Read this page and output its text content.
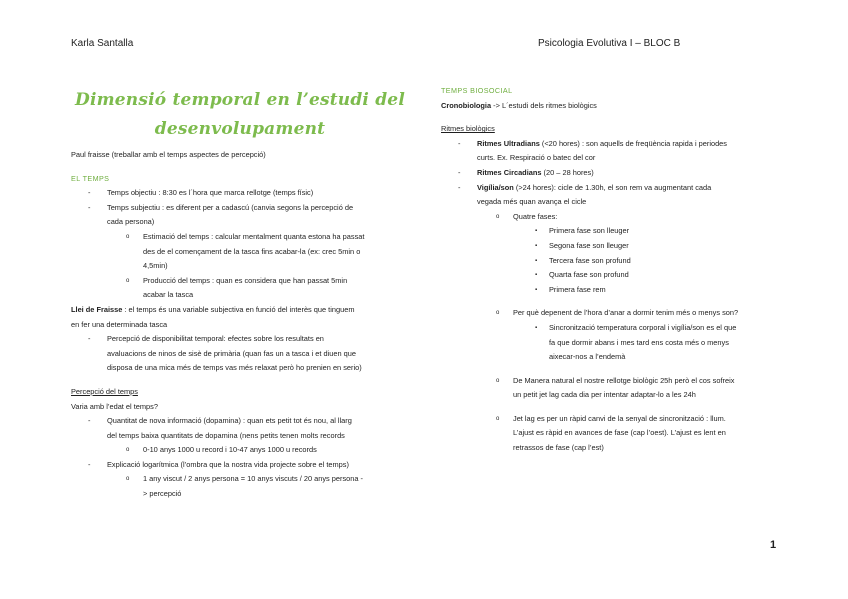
Karla Santalla	Psicologia Evolutiva I – BLOC B
Dimensió temporal en l’estudi del
desenvolupament

Paul fraisse (treballar amb el temps aspectes de percepció)

EL TEMPS

- Temps objectiu : 8:30 es l´hora que marca rellotge (temps físic)
- Temps subjectiu : es diferent per a cadascú (canvia segons la percepció de
cada persona)
o Estimació del temps : calcular mentalment quanta estona ha passat
des de el començament de la tasca fins acabar-la (ex: crec 5min o
4,5min)
o Producció del temps : quan es considera que han passat 5min
acabar la tasca
Llei de Fraisse : el temps és una variable subjectiva en funció del interès que tinguem
en fer una determinada tasca
- Percepció de disponibilitat temporal: efectes sobre los resultats en
avaluacions de ninos de sisè de primària (quan fas un a tasca i et diuen que
disposa de una mica més de temps vas més relaxat però ho prenien en serio)

Percepció del temps

Varia amb l’edat el temps?

- Quantitat de nova informació (dopamina) : quan ets petit tot és nou, al llarg
del temps baixa quantitats de dopamina (nens petits tenen molts records
o 0-10 anys 1000 u record i 10-47 anys 1000 u records
- Explicació logarítmica (l’ombra que la nostra vida projecte sobre el temps)
o 1 any viscut / 2 anys persona = 10 anys viscuts / 20 anys persona -
> percepció

TEMPS BIOSOCIAL

Cronobiologia -> L´estudi dels ritmes biològics

Ritmes biològics

- Ritmes Ultradians (<20 hores) : son aquells de freqüència rapida i periodes
curts. Ex. Respiració o batec del cor
- Ritmes Circadians (20 – 28 hores)
- Vigília/son (>24 hores): cicle de 1.30h, el son rem va augmentant cada
vegada més quan avança el cicle
o Quatre fases:
▪ Primera fase son lleuger
▪ Segona fase son lleuger
▪ Tercera fase son profund
▪ Quarta fase son profund
▪ Primera fase rem
o Per què depenent de l’hora d’anar a dormir tenim més o menys son?
▪ Sincronització temperatura corporal i vigília/son es el que
fa que dormir abans i mes tard ens costa més o menys
aixecar-nos a l’endemà
o De Manera natural el nostre rellotge biològic 25h però el cos sofreix
un petit jet lag cada dia per intentar adaptar-lo a les 24h
o Jet lag es per un ràpid canvi de la senyal de sincronització : llum.
L’ajust es ràpid en avances de fase (cap l’oest). L’ajust es lent en
retrassos de fase (cap l’est)
1
